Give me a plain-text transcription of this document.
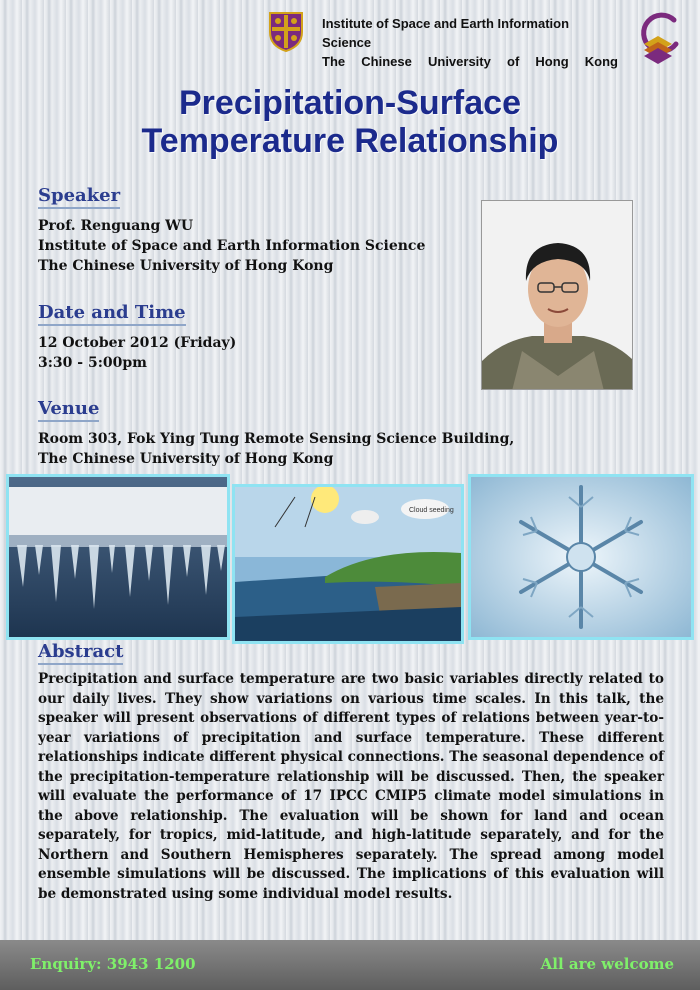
Institute of Space and Earth Information Science
The Chinese University of Hong Kong
Precipitation-Surface
Temperature Relationship
Speaker
Prof. Renguang WU
Institute of Space and Earth Information Science
The Chinese University of Hong Kong
Date and Time
12 October 2012 (Friday)
3:30 - 5:00pm
Venue
Room 303, Fok Ying Tung Remote Sensing Science Building,
The Chinese University of Hong Kong
Cloud seeding
Abstract
Precipitation and surface temperature are two basic variables directly related to our daily lives. They show variations on various time scales. In this talk, the speaker will present observations of different types of relations between year-to-year variations of precipitation and surface temperature. These different relationships indicate different physical connections. The seasonal dependence of the precipitation-temperature relationship will be discussed. Then, the speaker will evaluate the performance of 17 IPCC CMIP5 climate model simulations in the above relationship. The evaluation will be shown for land and ocean separately, for tropics, mid-latitude, and high-latitude separately, and for the Northern and Southern Hemispheres separately. The spread among model ensemble simulations will be discussed. The implications of this evaluation will be demonstrated using some individual model results.
Enquiry: 3943 1200	All are welcome
